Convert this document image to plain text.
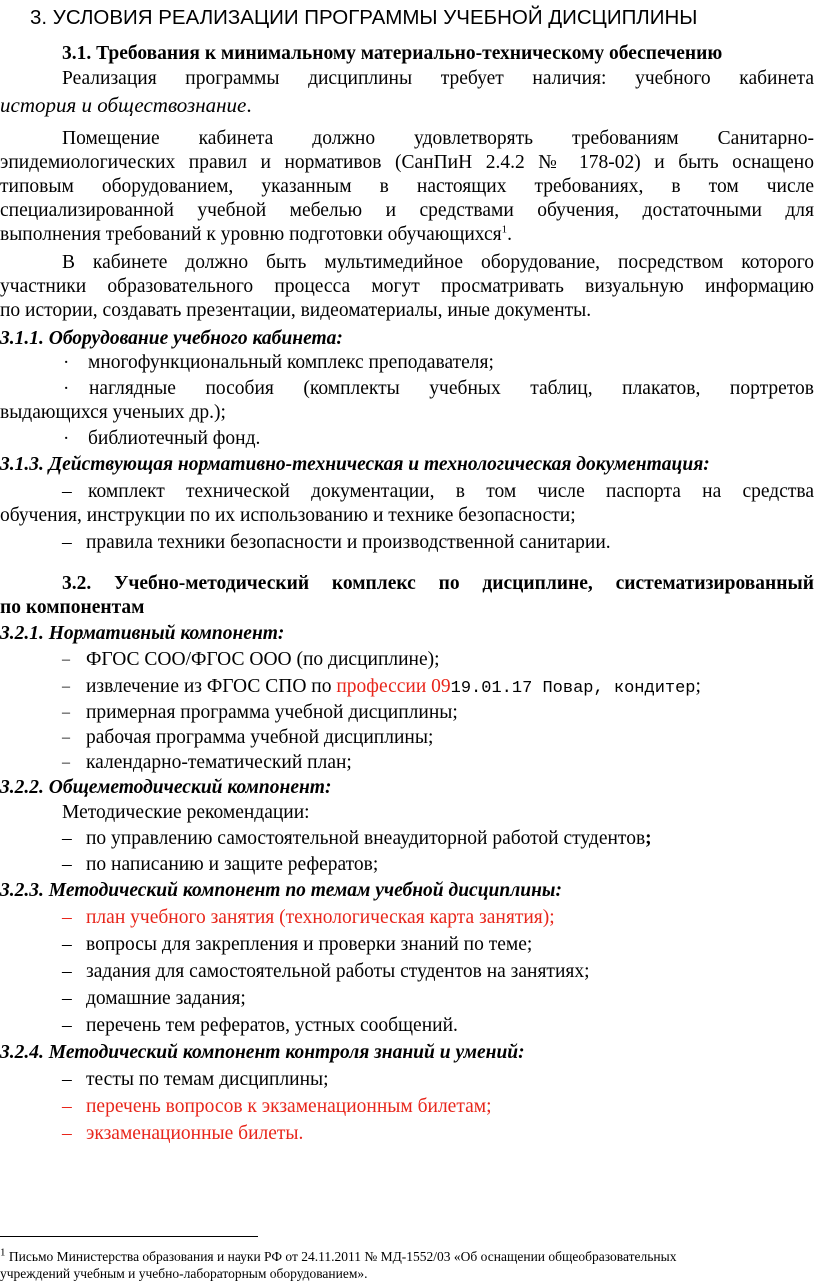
3. УСЛОВИЯ РЕАЛИЗАЦИИ ПРОГРАММЫ УЧЕБНОЙ ДИСЦИПЛИНЫ
3.1. Требования к минимальному материально-техническому обеспечению
Реализация программы дисциплины требует наличия: учебного кабинета
история и обществознание.
Помещение кабинета должно удовлетворять требованиям Санитарно-
эпидемиологических правил и нормативов (СанПиН 2.4.2 № 178-02) и быть оснащено
типовым оборудованием, указанным в настоящих требованиях, в том числе
специализированной учебной мебелью и средствами обучения, достаточными для
выполнения требований к уровню подготовки обучающихся$^1$.
В кабинете должно быть мультимедийное оборудование, посредством которого
участники образовательного процесса могут просматривать визуальную информацию
по истории, создавать презентации, видеоматериалы, иные документы.
3.1.1. Оборудование учебного кабинета:
· многофункциональный комплекс преподавателя;
· наглядные пособия (комплекты учебных таблиц, плакатов, портретов
выдающихся ученыих др.);
· библиотечный фонд.
3.1.3. Действующая нормативно-техническая и технологическая документация:
– комплект технической документации, в том числе паспорта на средства
обучения, инструкции по их использованию и технике безопасности;
– правила техники безопасности и производственной санитарии.
3.2. Учебно-методический комплекс по дисциплине, систематизированный
по компонентам
3.2.1. Нормативный компонент:
– ФГОС СОО/ФГОС ООО (по дисциплине);
– извлечение из ФГОС СПО по профессии 0919.01.17 Повар, кондитер;
– примерная программа учебной дисциплины;
– рабочая программа учебной дисциплины;
– календарно-тематический план;
3.2.2. Общеметодический компонент:
Методические рекомендации:
– по управлению самостоятельной внеаудиторной работой студентов;
– по написанию и защите рефератов;
3.2.3. Методический компонент по темам учебной дисциплины:
– план учебного занятия (технологическая карта занятия);
– вопросы для закрепления и проверки знаний по теме;
– задания для самостоятельной работы студентов на занятиях;
– домашние задания;
– перечень тем рефератов, устных сообщений.
3.2.4. Методический компонент контроля знаний и умений:
– тесты по темам дисциплины;
– перечень вопросов к экзаменационным билетам;
– экзаменационные билеты.
$^1$ Письмо Министерства образования и науки РФ от 24.11.2011 № МД-1552/03 «Об оснащении общеобразовательных
учреждений учебным и учебно-лабораторным оборудованием».
